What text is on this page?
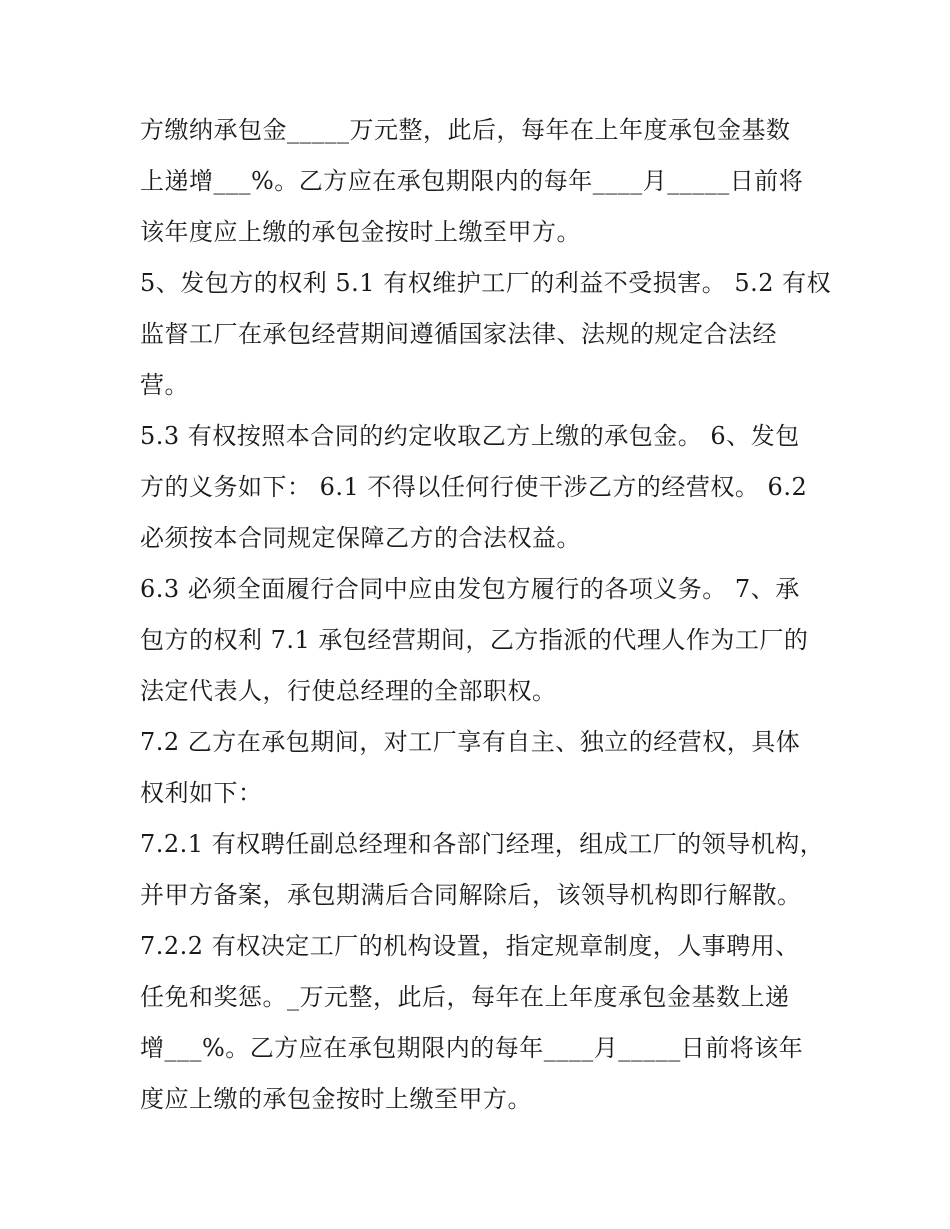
方缴纳承包金_____万元整，此后，每年在上年度承包金基数
上递增___%。乙方应在承包期限内的每年____月_____日前将
该年度应上缴的承包金按时上缴至甲方。
5、发包方的权利 5.1 有权维护工厂的利益不受损害。 5.2 有权
监督工厂在承包经营期间遵循国家法律、法规的规定合法经
营。
5.3 有权按照本合同的约定收取乙方上缴的承包金。 6、发包
方的义务如下： 6.1 不得以任何行使干涉乙方的经营权。 6.2
必须按本合同规定保障乙方的合法权益。
6.3 必须全面履行合同中应由发包方履行的各项义务。 7、承
包方的权利 7.1 承包经营期间，乙方指派的代理人作为工厂的
法定代表人，行使总经理的全部职权。
7.2 乙方在承包期间，对工厂享有自主、独立的经营权，具体
权利如下：
7.2.1 有权聘任副总经理和各部门经理，组成工厂的领导机构，
并甲方备案，承包期满后合同解除后，该领导机构即行解散。
7.2.2 有权决定工厂的机构设置，指定规章制度，人事聘用、
任免和奖惩。_万元整，此后，每年在上年度承包金基数上递
增___%。乙方应在承包期限内的每年____月_____日前将该年
度应上缴的承包金按时上缴至甲方。
